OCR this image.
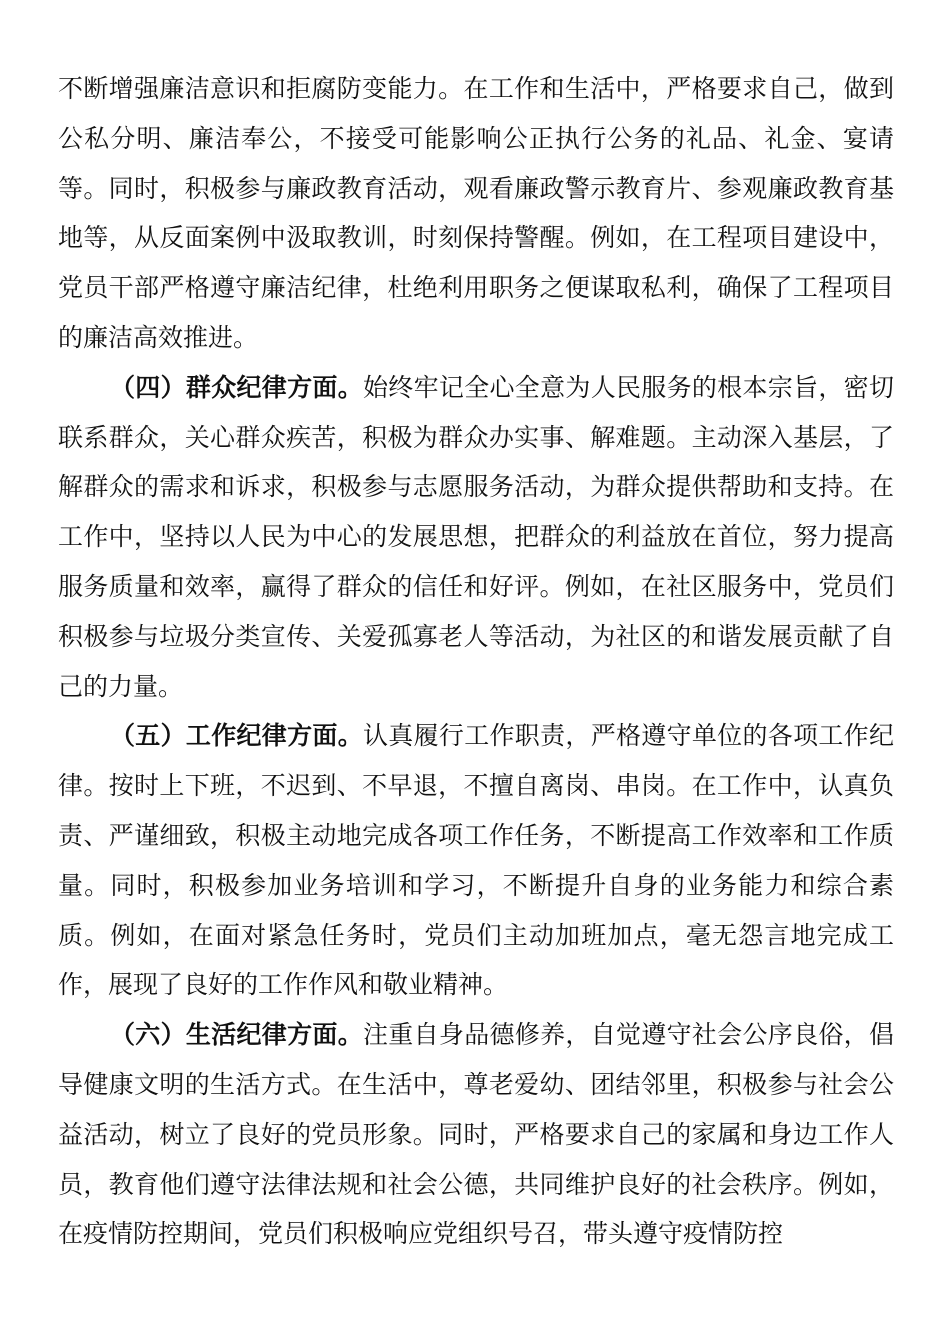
不断增强廉洁意识和拒腐防变能力。在工作和生活中，严格要求自己，做到公私分明、廉洁奉公，不接受可能影响公正执行公务的礼品、礼金、宴请等。同时，积极参与廉政教育活动，观看廉政警示教育片、参观廉政教育基地等，从反面案例中汲取教训，时刻保持警醒。例如，在工程项目建设中，党员干部严格遵守廉洁纪律，杜绝利用职务之便谋取私利，确保了工程项目的廉洁高效推进。

（四）群众纪律方面。始终牢记全心全意为人民服务的根本宗旨，密切联系群众，关心群众疾苦，积极为群众办实事、解难题。主动深入基层，了解群众的需求和诉求，积极参与志愿服务活动，为群众提供帮助和支持。在工作中，坚持以人民为中心的发展思想，把群众的利益放在首位，努力提高服务质量和效率，赢得了群众的信任和好评。例如，在社区服务中，党员们积极参与垃圾分类宣传、关爱孤寡老人等活动，为社区的和谐发展贡献了自己的力量。

（五）工作纪律方面。认真履行工作职责，严格遵守单位的各项工作纪律。按时上下班，不迟到、不早退，不擅自离岗、串岗。在工作中，认真负责、严谨细致，积极主动地完成各项工作任务，不断提高工作效率和工作质量。同时，积极参加业务培训和学习，不断提升自身的业务能力和综合素质。例如，在面对紧急任务时，党员们主动加班加点，毫无怨言地完成工作，展现了良好的工作作风和敬业精神。

（六）生活纪律方面。注重自身品德修养，自觉遵守社会公序良俗，倡导健康文明的生活方式。在生活中，尊老爱幼、团结邻里，积极参与社会公益活动，树立了良好的党员形象。同时，严格要求自己的家属和身边工作人员，教育他们遵守法律法规和社会公德，共同维护良好的社会秩序。例如，在疫情防控期间，党员们积极响应党组织号召，带头遵守疫情防控
